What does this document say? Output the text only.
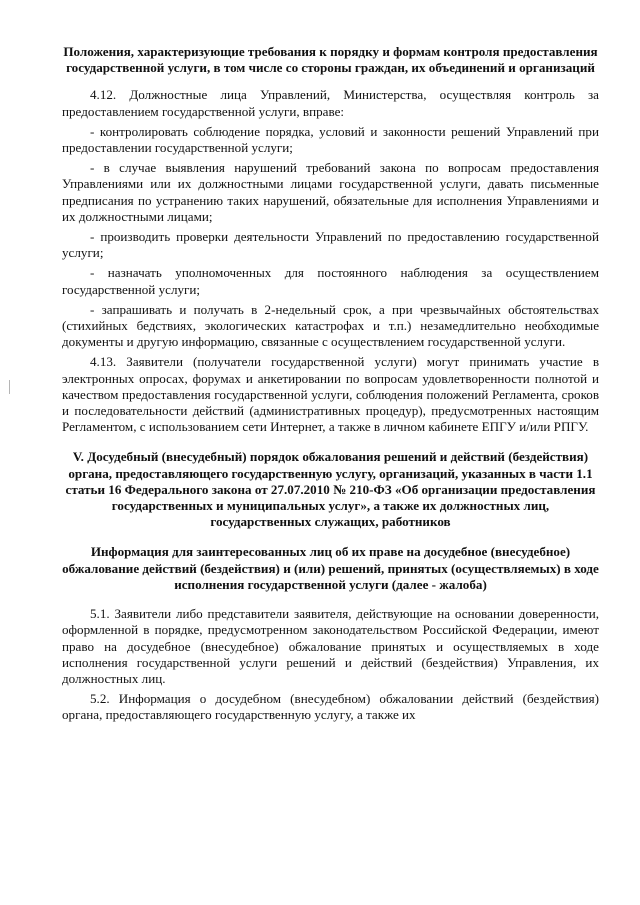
Положения, характеризующие требования к порядку и формам контроля предоставления государственной услуги, в том числе со стороны граждан, их объединений и организаций

4.12. Должностные лица Управлений, Министерства, осуществляя контроль за предоставлением государственной услуги, вправе:

- контролировать соблюдение порядка, условий и законности решений Управлений при предоставлении государственной услуги;

- в случае выявления нарушений требований закона по вопросам предоставления Управлениями или их должностными лицами государственной услуги, давать письменные предписания по устранению таких нарушений, обязательные для исполнения Управлениями и их должностными лицами;

- производить проверки деятельности Управлений по предоставлению государственной услуги;

- назначать уполномоченных для постоянного наблюдения за осуществлением государственной услуги;

- запрашивать и получать в 2-недельный срок, а при чрезвычайных обстоятельствах (стихийных бедствиях, экологических катастрофах и т.п.) незамедлительно необходимые документы и другую информацию, связанные с осуществлением государственной услуги.

4.13. Заявители (получатели государственной услуги) могут принимать участие в электронных опросах, форумах и анкетировании по вопросам удовлетворенности полнотой и качеством предоставления государственной услуги, соблюдения положений Регламента, сроков и последовательности действий (административных процедур), предусмотренных настоящим Регламентом, с использованием сети Интернет, а также в личном кабинете ЕПГУ и/или РПГУ.

V. Досудебный (внесудебный) порядок обжалования решений и действий (бездействия) органа, предоставляющего государственную услугу, организаций, указанных в части 1.1 статьи 16 Федерального закона от 27.07.2010 № 210-ФЗ «Об организации предоставления государственных и муниципальных услуг», а также их должностных лиц, государственных служащих, работников

Информация для заинтересованных лиц об их праве на досудебное (внесудебное) обжалование действий (бездействия) и (или) решений, принятых (осуществляемых) в ходе исполнения государственной услуги (далее - жалоба)

5.1. Заявители либо представители заявителя, действующие на основании доверенности, оформленной в порядке, предусмотренном законодательством Российской Федерации, имеют право на досудебное (внесудебное) обжалование принятых и осуществляемых в ходе исполнения государственной услуги решений и действий (бездействия) Управления, их должностных лиц.

5.2. Информация о досудебном (внесудебном) обжаловании действий (бездействия) органа, предоставляющего государственную услугу, а также их
